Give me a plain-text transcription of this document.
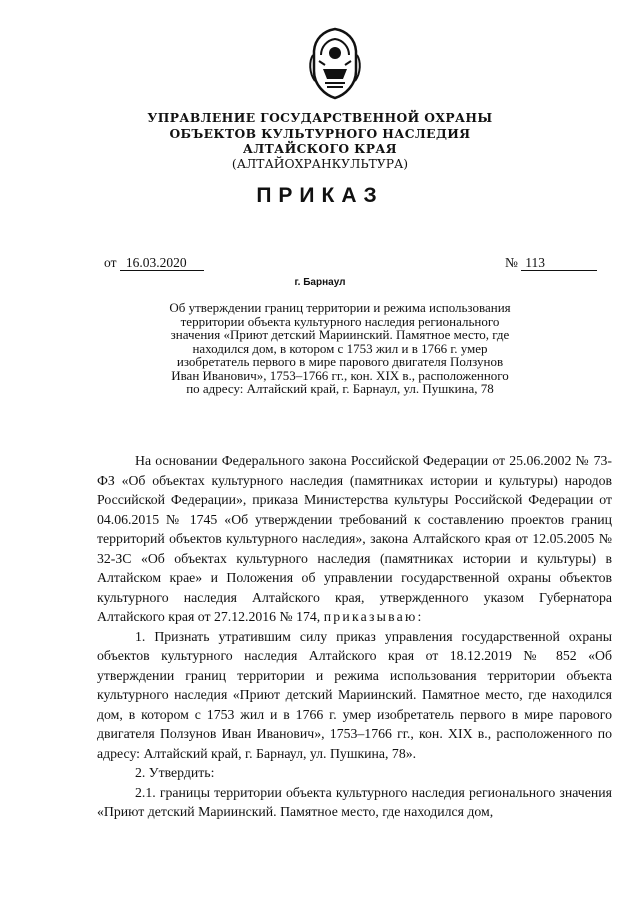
УПРАВЛЕНИЕ ГОСУДАРСТВЕННОЙ ОХРАНЫ
ОБЪЕКТОВ КУЛЬТУРНОГО НАСЛЕДИЯ
АЛТАЙСКОГО КРАЯ
(АЛТАЙОХРАНКУЛЬТУРА)
ПРИКАЗ
от 16.03.2020	№ 113
г. Барнаул
Об утверждении границ территории и режима использования
территории объекта культурного наследия регионального
значения «Приют детский Мариинский. Памятное место, где
находился дом, в котором с 1753 жил и в 1766 г. умер
изобретатель первого в мире парового двигателя Ползунов
Иван Иванович», 1753–1766 гг., кон. XIX в., расположенного
по адресу: Алтайский край, г. Барнаул, ул. Пушкина, 78

На основании Федерального закона Российской Федерации от 25.06.2002 № 73-ФЗ «Об объектах культурного наследия (памятниках истории и культуры) народов Российской Федерации», приказа Министерства культуры Российской Федерации от 04.06.2015 № 1745 «Об утверждении требований к составлению проектов границ территорий объектов культурного наследия», закона Алтайского края от 12.05.2005 № 32-ЗС «Об объектах культурного наследия (памятниках истории и культуры) в Алтайском крае» и Положения об управлении государственной охраны объектов культурного наследия Алтайского края, утвержденного указом Губернатора Алтайского края от 27.12.2016 № 174, приказываю:

1. Признать утратившим силу приказ управления государственной охраны объектов культурного наследия Алтайского края от 18.12.2019 № 852 «Об утверждении границ территории и режима использования территории объекта культурного наследия «Приют детский Мариинский. Памятное место, где находился дом, в котором с 1753 жил и в 1766 г. умер изобретатель первого в мире парового двигателя Ползунов Иван Иванович», 1753–1766 гг., кон. XIX в., расположенного по адресу: Алтайский край, г. Барнаул, ул. Пушкина, 78».

2. Утвердить:

2.1. границы территории объекта культурного наследия регионального значения «Приют детский Мариинский. Памятное место, где находился дом,
